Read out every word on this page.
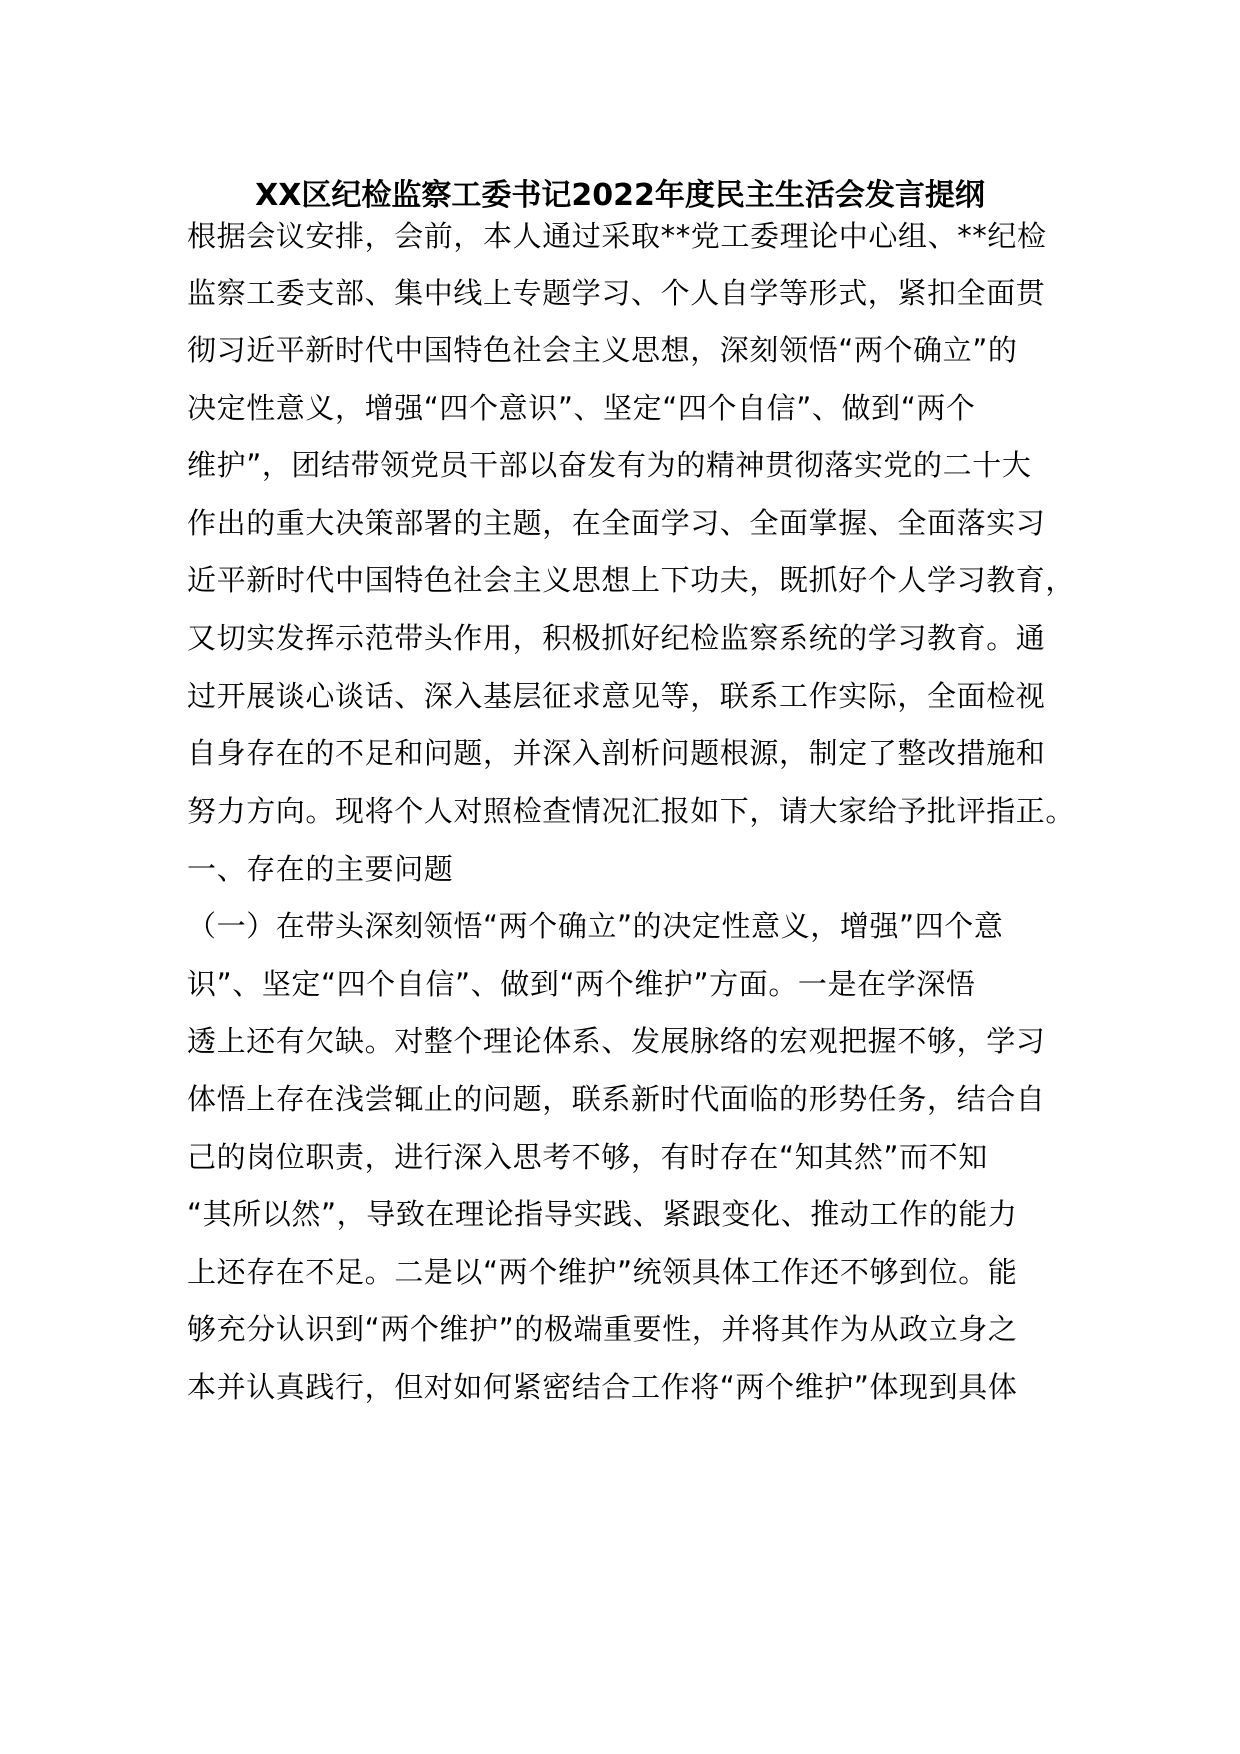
XX区纪检监察工委书记2022年度民主生活会发言提纲
根据会议安排，会前，本人通过采取**党工委理论中心组、**纪检
监察工委支部、集中线上专题学习、个人自学等形式，紧扣全面贯
彻习近平新时代中国特色社会主义思想，深刻领悟“两个确立”的
决定性意义，增强“四个意识”、坚定“四个自信”、做到“两个
维护”，团结带领党员干部以奋发有为的精神贯彻落实党的二十大
作出的重大决策部署的主题，在全面学习、全面掌握、全面落实习
近平新时代中国特色社会主义思想上下功夫，既抓好个人学习教育，
又切实发挥示范带头作用，积极抓好纪检监察系统的学习教育。通
过开展谈心谈话、深入基层征求意见等，联系工作实际，全面检视
自身存在的不足和问题，并深入剖析问题根源，制定了整改措施和
努力方向。现将个人对照检查情况汇报如下，请大家给予批评指正。
一、存在的主要问题
（一）在带头深刻领悟“两个确立”的决定性意义，增强”四个意
识”、坚定“四个自信”、做到“两个维护”方面。一是在学深悟
透上还有欠缺。对整个理论体系、发展脉络的宏观把握不够，学习
体悟上存在浅尝辄止的问题，联系新时代面临的形势任务，结合自
己的岗位职责，进行深入思考不够，有时存在“知其然”而不知
“其所以然”，导致在理论指导实践、紧跟变化、推动工作的能力
上还存在不足。二是以“两个维护”统领具体工作还不够到位。能
够充分认识到“两个维护”的极端重要性，并将其作为从政立身之
本并认真践行，但对如何紧密结合工作将“两个维护”体现到具体
